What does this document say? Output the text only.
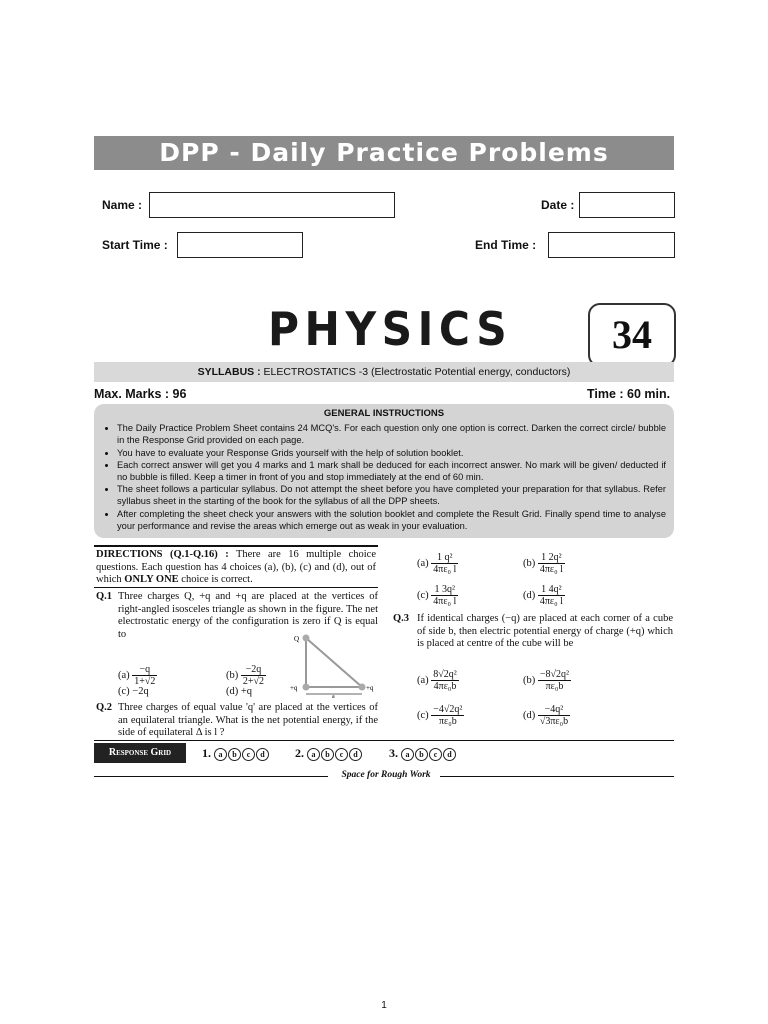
DPP - Daily Practice Problems
Name :	Date :
Start Time :	End Time :
PHYSICS	34
SYLLABUS : ELECTROSTATICS -3 (Electrostatic Potential energy, conductors)
Max. Marks : 96	Time : 60 min.
GENERAL INSTRUCTIONS
• The Daily Practice Problem Sheet contains 24 MCQ's. For each question only one option is correct. Darken the correct circle/ bubble in the Response Grid provided on each page.
• You have to evaluate your Response Grids yourself with the help of solution booklet.
• Each correct answer will get you 4 marks and 1 mark shall be deduced for each incorrect answer. No mark will be given/ deducted if no bubble is filled. Keep a timer in front of you and stop immediately at the end of 60 min.
• The sheet follows a particular syllabus. Do not attempt the sheet before you have completed your preparation for that syllabus. Refer syllabus sheet in the starting of the book for the syllabus of all the DPP sheets.
• After completing the sheet check your answers with the solution booklet and complete the Result Grid. Finally spend time to analyse your performance and revise the areas which emerge out as weak in your evaluation.
DIRECTIONS (Q.1-Q.16) : There are 16 multiple choice questions. Each question has 4 choices (a), (b), (c) and (d), out of which ONLY ONE choice is correct.
Q.1 Three charges Q, +q and +q are placed at the vertices of right-angled isosceles triangle as shown in the figure. The net electrostatic energy of the configuration is zero if Q is equal to	Q
+q	+q
a
$(a) \frac{-q}{1+√2}$	$(b) \frac{-2q}{2+√2}$
(c) −2q	(d) +q
Q.2 Three charges of equal value 'q' are placed at the vertices of an equilateral triangle. What is the net potential energy, if the side of equilateral Δ is l ?
$(a) \frac{\text{1 q²}}{\text{4πε₀ l}}$	$(b) \frac{\text{1 2q²}}{\text{4πε₀ l}}$
$(c) \frac{\text{1 3q²}}{\text{4πε₀ l}}$	$(d) \frac{\text{1 4q²}}{\text{4πε₀ l}}$
Q.3 If identical charges (−q) are placed at each corner of a cube of side b, then electric potential energy of charge (+q) which is placed at centre of the cube will be
$(a) \frac{\text{8√2q²}}{\text{4πε₀b}}$	$(b) \frac{\text{−8√2q²}}{\text{πε₀b}}$
$(c) \frac{\text{−4√2q²}}{\text{πε₀b}}$	$(d) \frac{\text{−4q²}}{\text{√3πε₀b}}$
Response Grid	1. a b c d	2. a b c d	3. a b c d
Space for Rough Work
1
